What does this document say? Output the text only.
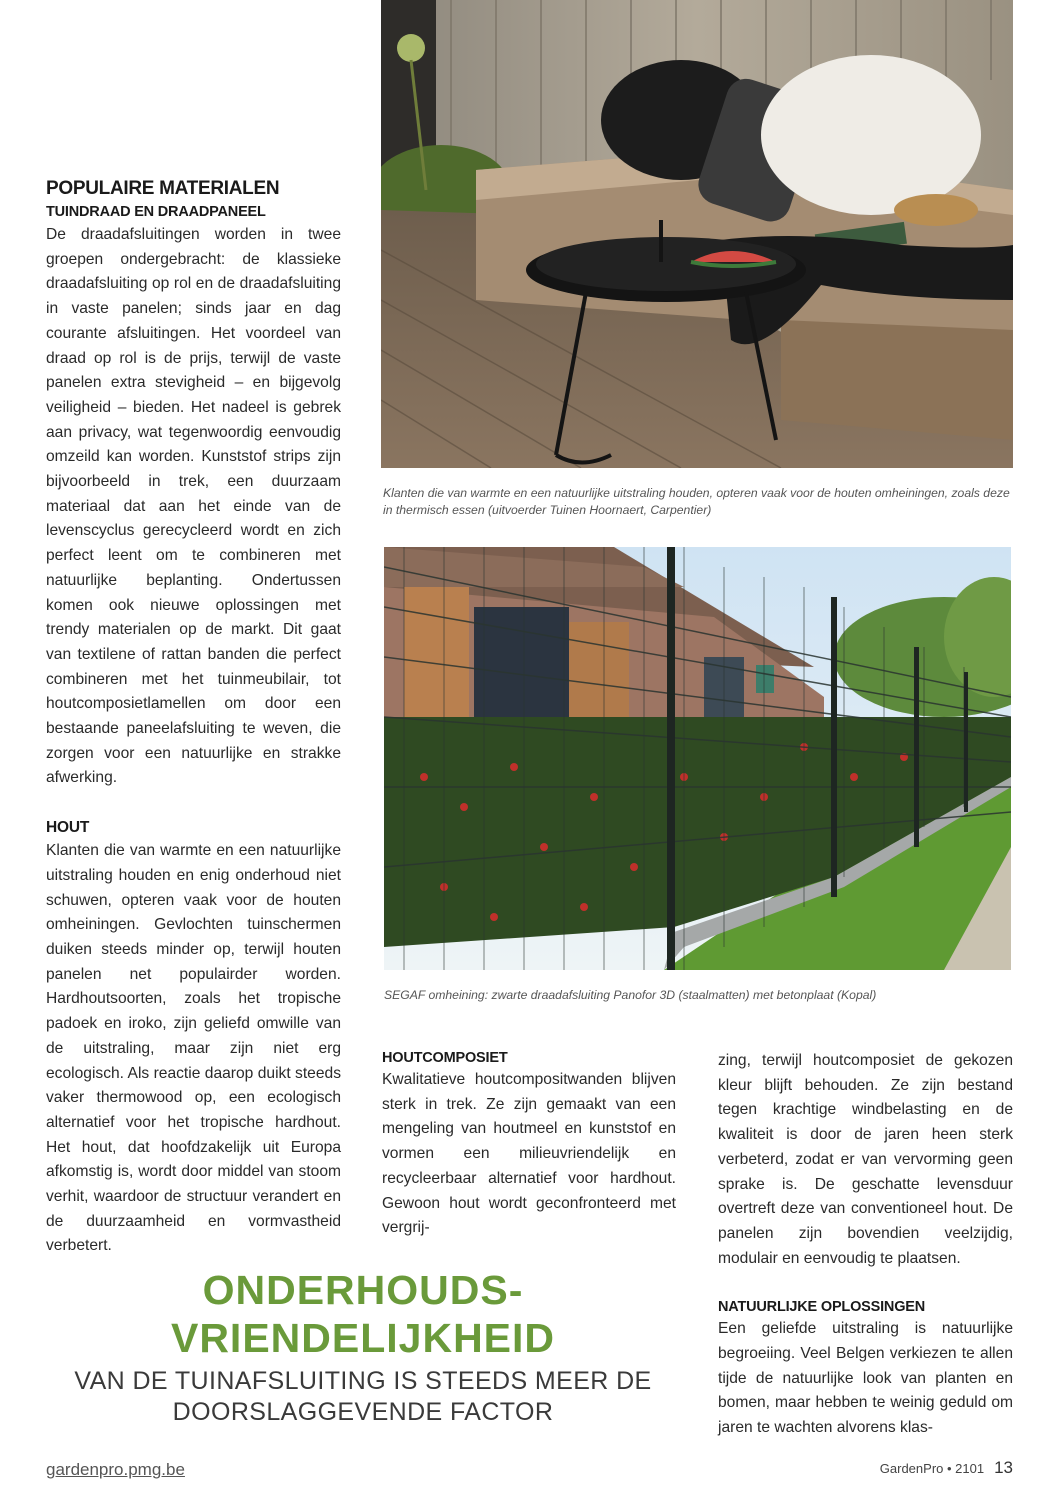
POPULAIRE MATERIALEN
TUINDRAAD EN DRAADPANEEL
De draadafsluitingen worden in twee groepen ondergebracht: de klassieke draadafsluiting op rol en de draadafsluiting in vaste panelen; sinds jaar en dag courante afsluitingen. Het voordeel van draad op rol is de prijs, terwijl de vaste panelen extra stevigheid – en bijgevolg veiligheid – bieden. Het nadeel is gebrek aan privacy, wat tegenwoordig eenvoudig omzeild kan worden. Kunststof strips zijn bijvoorbeeld in trek, een duurzaam materiaal dat aan het einde van de levenscyclus gerecycleerd wordt en zich perfect leent om te combineren met natuurlijke beplanting. Ondertussen komen ook nieuwe oplossingen met trendy materialen op de markt. Dit gaat van textilene of rattan banden die perfect combineren met het tuinmeubilair, tot houtcomposietlamellen om door een bestaande paneelafsluiting te weven, die zorgen voor een natuurlijke en strakke afwerking.
HOUT
Klanten die van warmte en een natuurlijke uitstraling houden en enig onderhoud niet schuwen, opteren vaak voor de houten omheiningen. Gevlochten tuinschermen duiken steeds minder op, terwijl houten panelen net populairder worden. Hardhoutsoorten, zoals het tropische padoek en iroko, zijn geliefd omwille van de uitstraling, maar zijn niet erg ecologisch. Als reactie daarop duikt steeds vaker thermowood op, een ecologisch alternatief voor het tropische hardhout. Het hout, dat hoofdzakelijk uit Europa afkomstig is, wordt door middel van stoom verhit, waardoor de structuur verandert en de duurzaamheid en vormvastheid verbetert.
Klanten die van warmte en een natuurlijke uitstraling houden, opteren vaak voor de houten omheiningen, zoals deze in thermisch essen (uitvoerder Tuinen Hoornaert, Carpentier)
SEGAF omheining: zwarte draadafsluiting Panofor 3D (staalmatten) met betonplaat (Kopal)
HOUTCOMPOSIET
Kwalitatieve houtcompositwanden blijven sterk in trek. Ze zijn gemaakt van een mengeling van houtmeel en kunststof en vormen een milieuvriendelijk en recycleerbaar alternatief voor hardhout. Gewoon hout wordt geconfronteerd met vergrij-
zing, terwijl houtcomposiet de gekozen kleur blijft behouden. Ze zijn bestand tegen krachtige windbelasting en de kwaliteit is door de jaren heen sterk verbeterd, zodat er van vervorming geen sprake is. De geschatte levensduur overtreft deze van conventioneel hout. De panelen zijn bovendien veelzijdig, modulair en eenvoudig te plaatsen.
NATUURLIJKE OPLOSSINGEN
Een geliefde uitstraling is natuurlijke begroeiing. Veel Belgen verkiezen te allen tijde de natuurlijke look van planten en bomen, maar hebben te weinig geduld om jaren te wachten alvorens klas-
ONDERHOUDS-
VRIENDELIJKHEID
VAN DE TUINAFSLUITING IS STEEDS MEER DE
DOORSLAGGEVENDE FACTOR
gardenpro.pmg.be	GardenPro • 2101 13
